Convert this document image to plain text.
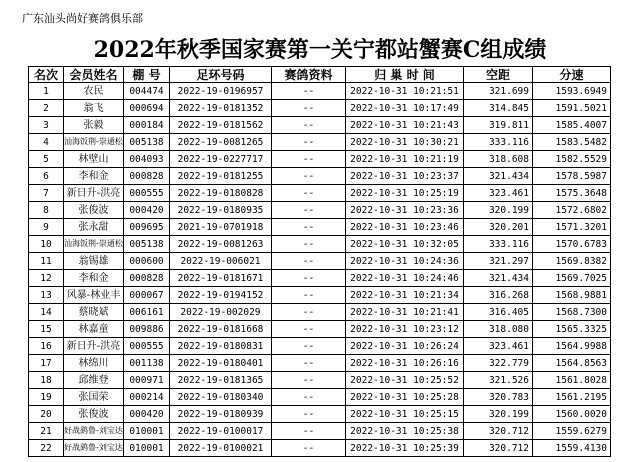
广东汕头尚好赛鸽俱乐部
2022年秋季国家赛第一关宁都站蟹赛C组成绩
名次	会员姓名	棚 号	足环号码	赛鸽资料	归 巢 时 间	空距	分速
1	农民	004474	2022-19-0196957	--	2022-10-31 10:21:51	321.699	1593.6949
2	翁飞	000694	2022-19-0181352	--	2022-10-31 10:17:49	314.845	1591.5021
3	张毅	000184	2022-19-0181562	--	2022-10-31 10:21:43	319.811	1585.4007
4	汕海饭荆-崇通松	005138	2022-19-0081265	--	2022-10-31 10:30:21	333.116	1583.5482
5	林壁山	004093	2022-19-0227717	--	2022-10-31 10:21:19	318.608	1582.5529
6	李和金	000828	2022-19-0181255	--	2022-10-31 10:23:37	321.434	1578.5987
7	新日升-洪亮	000555	2022-19-0180828	--	2022-10-31 10:25:19	323.461	1575.3648
8	张俊波	000420	2022-19-0180935	--	2022-10-31 10:23:36	320.199	1572.6802
9	张永甜	009695	2021-19-0701918	--	2022-10-31 10:23:46	320.201	1571.3201
10	汕海饭荆-崇通松	005138	2022-19-0081263	--	2022-10-31 10:32:05	333.116	1570.6783
11	翁锡雄	000600	2022-19-006021	--	2022-10-31 10:24:36	321.297	1569.8382
12	李和金	000828	2022-19-0181671	--	2022-10-31 10:24:46	321.434	1569.7025
13	风暴-林业丰	000067	2022-19-0194152	--	2022-10-31 10:21:34	316.268	1568.9881
14	蔡晓斌	006161	2022-19-002029	--	2022-10-31 10:21:41	316.405	1568.7300
15	林嘉童	009886	2022-19-0181668	--	2022-10-31 10:23:12	318.080	1565.3325
16	新日升-洪亮	000555	2022-19-0180831	--	2022-10-31 10:26:24	323.461	1564.9988
17	林绵川	001138	2022-19-0180401	--	2022-10-31 10:26:16	322.779	1564.8563
18	邱维登	000971	2022-19-0181365	--	2022-10-31 10:25:52	321.526	1561.8028
19	张国荣	000214	2022-19-0180340	--	2022-10-31 10:25:28	320.783	1561.2195
20	张俊波	000420	2022-19-0180939	--	2022-10-31 10:25:15	320.199	1560.0020
21	好战鹞鲁-刘宝达	010001	2022-19-0100017	--	2022-10-31 10:25:38	320.712	1559.6279
22	好战鹞鲁-刘宝达	010001	2022-19-0100021	--	2022-10-31 10:25:39	320.712	1559.4130
